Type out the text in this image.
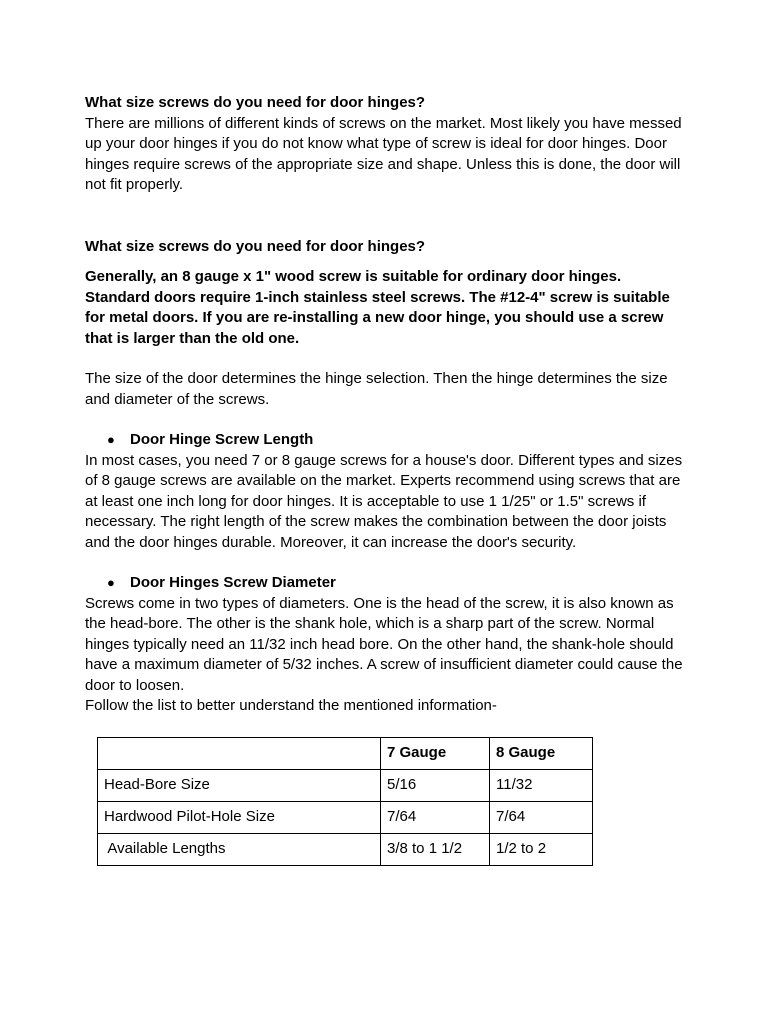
What size screws do you need for door hinges?

There are millions of different kinds of screws on the market. Most likely you have messed up your door hinges if you do not know what type of screw is ideal for door hinges. Door hinges require screws of the appropriate size and shape. Unless this is done, the door will not fit properly.

What size screws do you need for door hinges?

Generally, an 8 gauge x 1" wood screw is suitable for ordinary door hinges. Standard doors require 1-inch stainless steel screws. The #12-4" screw is suitable for metal doors. If you are re-installing a new door hinge, you should use a screw that is larger than the old one.

The size of the door determines the hinge selection. Then the hinge determines the size and diameter of the screws.

●	Door Hinge Screw Length

In most cases, you need 7 or 8 gauge screws for a house's door. Different types and sizes of 8 gauge screws are available on the market. Experts recommend using screws that are at least one inch long for door hinges. It is acceptable to use 1 1/25" or 1.5" screws if necessary. The right length of the screw makes the combination between the door joists and the door hinges durable. Moreover, it can increase the door's security.

●	Door Hinges Screw Diameter

Screws come in two types of diameters. One is the head of the screw, it is also known as the head-bore. The other is the shank hole, which is a sharp part of the screw. Normal hinges typically need an 11/32 inch head bore. On the other hand, the shank-hole should have a maximum diameter of 5/32 inches. A screw of insufficient diameter could cause the door to loosen.

Follow the list to better understand the mentioned information-

	7 Gauge	8 Gauge
Head-Bore Size	5/16	11/32
Hardwood Pilot-Hole Size	7/64	7/64
Available Lengths	3/8 to 1 1/2	1/2 to 2
